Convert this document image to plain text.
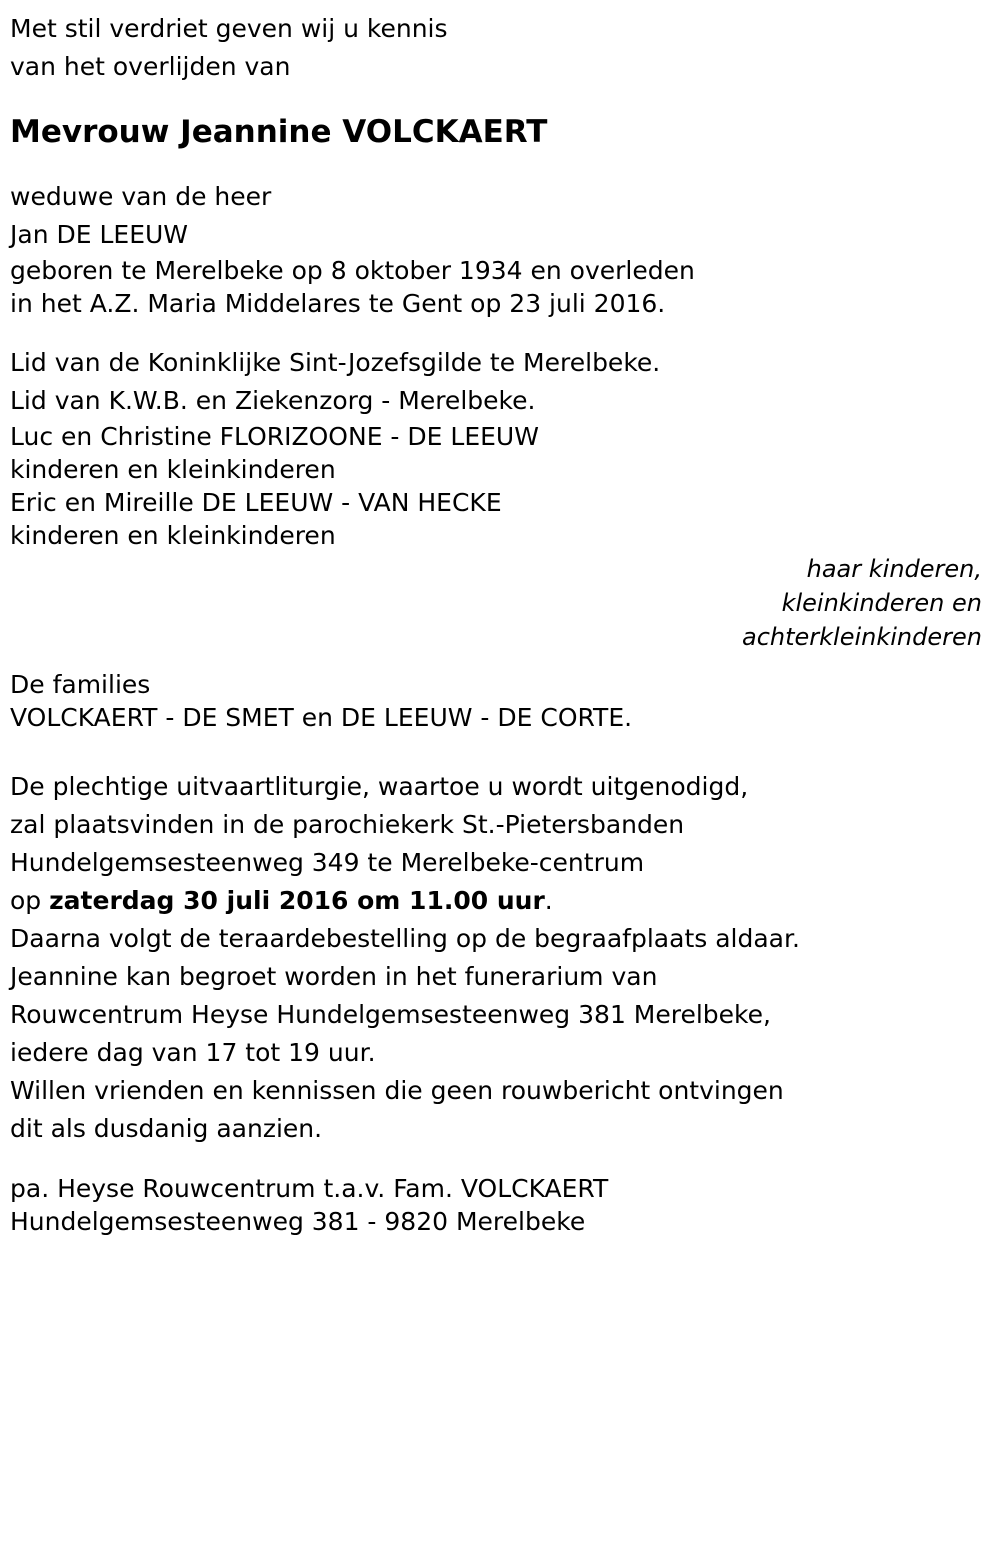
Met stil verdriet geven wij u kennis
van het overlijden van
Mevrouw Jeannine VOLCKAERT
weduwe van de heer
Jan DE LEEUW
geboren te Merelbeke op 8 oktober 1934 en overleden
in het A.Z. Maria Middelares te Gent op 23 juli 2016.
Lid van de Koninklijke Sint-Jozefsgilde te Merelbeke.
Lid van K.W.B. en Ziekenzorg - Merelbeke.
Luc en Christine FLORIZOONE - DE LEEUW
kinderen en kleinkinderen
Eric en Mireille DE LEEUW - VAN HECKE
kinderen en kleinkinderen
haar kinderen,
kleinkinderen en
achterkleinkinderen
De families
VOLCKAERT - DE SMET en DE LEEUW - DE CORTE.
De plechtige uitvaartliturgie, waartoe u wordt uitgenodigd,
zal plaatsvinden in de parochiekerk St.-Pietersbanden
Hundelgemsesteenweg 349 te Merelbeke-centrum
op zaterdag 30 juli 2016 om 11.00 uur.
Daarna volgt de teraardebestelling op de begraafplaats aldaar.
Jeannine kan begroet worden in het funerarium van
Rouwcentrum Heyse Hundelgemsesteenweg 381 Merelbeke,
iedere dag van 17 tot 19 uur.
Willen vrienden en kennissen die geen rouwbericht ontvingen
dit als dusdanig aanzien.
pa. Heyse Rouwcentrum t.a.v. Fam. VOLCKAERT
Hundelgemsesteenweg 381 - 9820 Merelbeke
